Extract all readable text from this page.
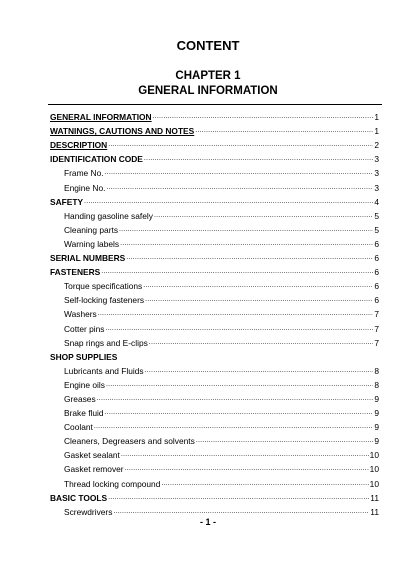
CONTENT
CHAPTER 1
GENERAL INFORMATION
GENERAL INFORMATION .....	1
WATNINGS, CAUTIONS AND NOTES .....	1
DESCRIPTION .....	2
IDENTIFICATION CODE .....	3
Frame No. .....	3
Engine No. .....	3
SAFETY .....	4
Handing gasoline safely .....	5
Cleaning parts .....	5
Warning labels .....	6
SERIAL NUMBERS .....	6
FASTENERS .....	6
Torque specifications .....	6
Self-locking fasteners .....	6
Washers .....	7
Cotter pins .....	7
Snap rings and E-clips .....	7
SHOP SUPPLIES
Lubricants and Fluids .....	8
Engine oils .....	8
Greases .....	9
Brake fluid .....	9
Coolant .....	9
Cleaners, Degreasers and solvents .....	9
Gasket sealant .....	10
Gasket remover .....	10
Thread locking compound .....	10
BASIC TOOLS .....	11
Screwdrivers .....	11
- 1 -
